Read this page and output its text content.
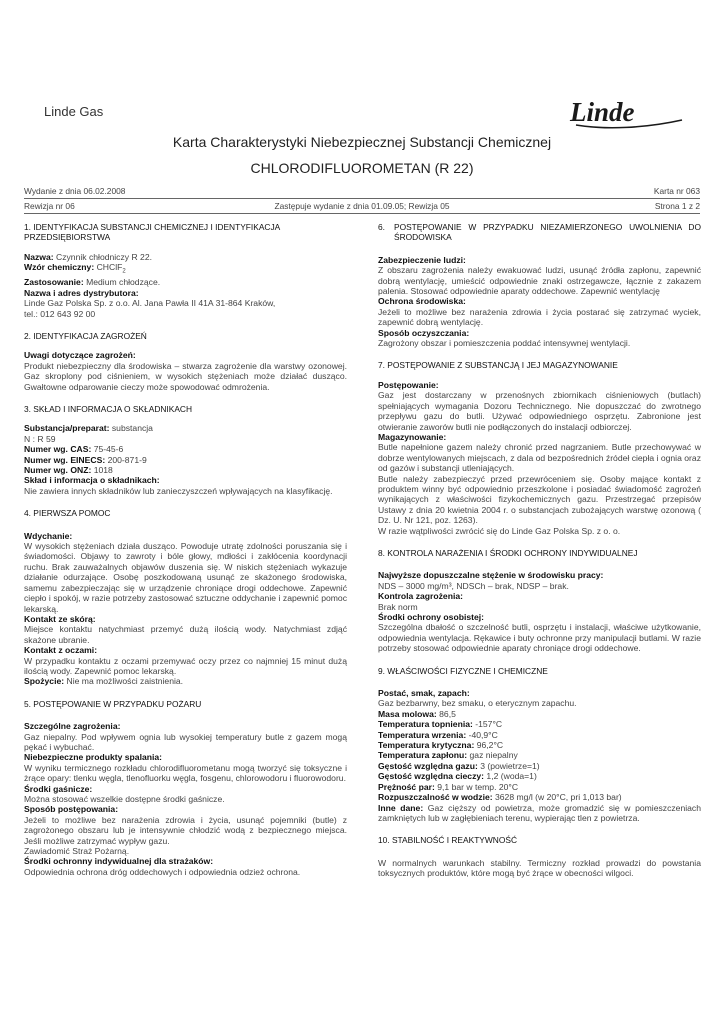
Linde Gas	Linde
Karta Charakterystyki Niebezpiecznej Substancji Chemicznej
CHLORODIFLUOROMETAN (R 22)
Wydanie z dnia 06.02.2008	Karta nr 063
Rewizja nr 06	Zastępuje wydanie z dnia 01.09.05; Rewizja 05	Strona 1 z 2
1. IDENTYFIKACJA SUBSTANCJI CHEMICZNEJ I IDENTYFIKACJA PRZEDSIĘBIORSTWA

Nazwa: Czynnik chłodniczy R 22.

Wzór chemiczny: CHClF$_2$

Zastosowanie: Medium chłodzące.

Nazwa i adres dystrybutora:

Linde Gaz Polska Sp. z o.o. Al. Jana Pawła II 41A 31-864 Kraków,

tel.: 012 643 92 00

2. IDENTYFIKACJA ZAGROŻEŃ

Uwagi dotyczące zagrożeń:

Produkt niebezpieczny dla środowiska – stwarza zagrożenie dla warstwy ozonowej. Gaz skroplony pod ciśnieniem, w wysokich stężeniach może działać dusząco. Gwałtowne odparowanie cieczy może spowodować odmrożenia.

3. SKŁAD I INFORMACJA O SKŁADNIKACH

Substancja/preparat: substancja

N : R 59

Numer wg. CAS: 75-45-6

Numer wg. EINECS: 200-871-9

Numer wg. ONZ: 1018

Skład i informacja o składnikach:

Nie zawiera innych składników lub zanieczyszczeń wpływających na klasyfikację.

4. PIERWSZA POMOC

Wdychanie:

W wysokich stężeniach działa dusząco. Powoduje utratę zdolności poruszania się i świadomości. Objawy to zawroty i bóle głowy, mdłości i zakłócenia koordynacji ruchu. Brak zauważalnych objawów duszenia się. W niskich stężeniach wykazuje działanie odurzające. Osobę poszkodowaną usunąć ze skażonego środowiska, samemu zabezpieczając się w urządzenie chroniące drogi oddechowe. Zapewnić ciepło i spokój, w razie potrzeby zastosować sztuczne oddychanie i zapewnić pomoc lekarską.

Kontakt ze skórą:

Miejsce kontaktu natychmiast przemyć dużą ilością wody. Natychmiast zdjąć skażone ubranie.

Kontakt z oczami:

W przypadku kontaktu z oczami przemywać oczy przez co najmniej 15 minut dużą ilością wody. Zapewnić pomoc lekarską.

Spożycie: Nie ma możliwości zaistnienia.

5. POSTĘPOWANIE W PRZYPADKU POŻARU

Szczególne zagrożenia:

Gaz niepalny. Pod wpływem ognia lub wysokiej temperatury butle z gazem mogą pękać i wybuchać.

Niebezpieczne produkty spalania:

W wyniku termicznego rozkładu chlorodifluorometanu mogą tworzyć się toksyczne i żrące opary: tlenku węgla, tlenofluorku węgla, fosgenu, chlorowodoru i fluorowodoru.

Środki gaśnicze:

Można stosować wszelkie dostępne środki gaśnicze.

Sposób postępowania:

Jeżeli to możliwe bez narażenia zdrowia i życia, usunąć pojemniki (butle) z zagrożonego obszaru lub je intensywnie chłodzić wodą z bezpiecznego miejsca. Jeśli możliwe zatrzymać wypływ gazu.

Zawiadomić Straż Pożarną.

Środki ochronny indywidualnej dla strażaków:

Odpowiednia ochrona dróg oddechowych i odpowiednia odzież ochrona.

6.	POSTĘPOWANIE W PRZYPADKU NIEZAMIERZONEGO UWOLNIENIA DO ŚRODOWISKA

Zabezpieczenie ludzi:

Z obszaru zagrożenia należy ewakuować ludzi, usunąć źródła zapłonu, zapewnić dobrą wentylację, umieścić odpowiednie znaki ostrzegawcze, łącznie z zakazem palenia. Stosować odpowiednie aparaty oddechowe. Zapewnić wentylację

Ochrona środowiska:

Jeżeli to możliwe bez narażenia zdrowia i życia postarać się zatrzymać wyciek, zapewnić dobrą wentylację.

Sposób oczyszczania:

Zagrożony obszar i pomieszczenia poddać intensywnej wentylacji.

7. POSTĘPOWANIE Z SUBSTANCJĄ I JEJ MAGAZYNOWANIE

Postępowanie:

Gaz jest dostarczany w przenośnych zbiornikach ciśnieniowych (butlach) spełniających wymagania Dozoru Technicznego. Nie dopuszczać do zwrotnego przepływu gazu do butli. Używać odpowiedniego osprzętu. Zabronione jest otwieranie zaworów butli nie podłączonych do instalacji odbiorczej.

Magazynowanie:

Butle napełnione gazem należy chronić przed nagrzaniem. Butle przechowywać w dobrze wentylowanych miejscach, z dala od bezpośrednich źródeł ciepła i ognia oraz od gazów i substancji utleniających.

Butle należy zabezpieczyć przed przewróceniem się. Osoby mające kontakt z produktem winny być odpowiednio przeszkolone i posiadać świadomość zagrożeń wynikających z właściwości fizykochemicznych gazu. Przestrzegać przepisów Ustawy z dnia 20 kwietnia 2004 r. o substancjach zubożających warstwę ozonową ( Dz. U. Nr 121, poz. 1263).

W razie wątpliwości zwrócić się do Linde Gaz Polska Sp. z o. o.

8. KONTROLA NARAŻENIA I ŚRODKI OCHRONY INDYWIDUALNEJ

Najwyższe dopuszczalne stężenie w środowisku pracy:

NDS – 3000 mg/m³, NDSCh – brak, NDSP – brak.

Kontrola zagrożenia:

Brak norm

Środki ochrony osobistej:

Szczególna dbałość o szczelność butli, osprzętu i instalacji, właściwe użytkowanie, odpowiednia wentylacja. Rękawice i buty ochronne przy manipulacji butlami. W razie potrzeby stosować odpowiednie aparaty chroniące drogi oddechowe.

9. WŁAŚCIWOŚCI FIZYCZNE I CHEMICZNE

Postać, smak, zapach:

Gaz bezbarwny, bez smaku, o eterycznym zapachu.

Masa molowa: 86,5

Temperatura topnienia: -157°C

Temperatura wrzenia: -40,9°C

Temperatura krytyczna: 96,2°C

Temperatura zapłonu: gaz niepalny

Gęstość względna gazu: 3 (powietrze=1)

Gęstość względna cieczy: 1,2 (woda=1)

Prężność par: 9,1 bar w temp. 20°C

Rozpuszczalność w wodzie: 3628 mg/l (w 20°C, pri 1,013 bar)

Inne dane: Gaz cięższy od powietrza, może gromadzić się w pomieszczeniach zamkniętych lub w zagłębieniach terenu, wypierając tlen z powietrza.

10. STABILNOŚĆ I REAKTYWNOŚĆ

W normalnych warunkach stabilny. Termiczny rozkład prowadzi do powstania toksycznych produktów, które mogą być żrące w obecności wilgoci.
